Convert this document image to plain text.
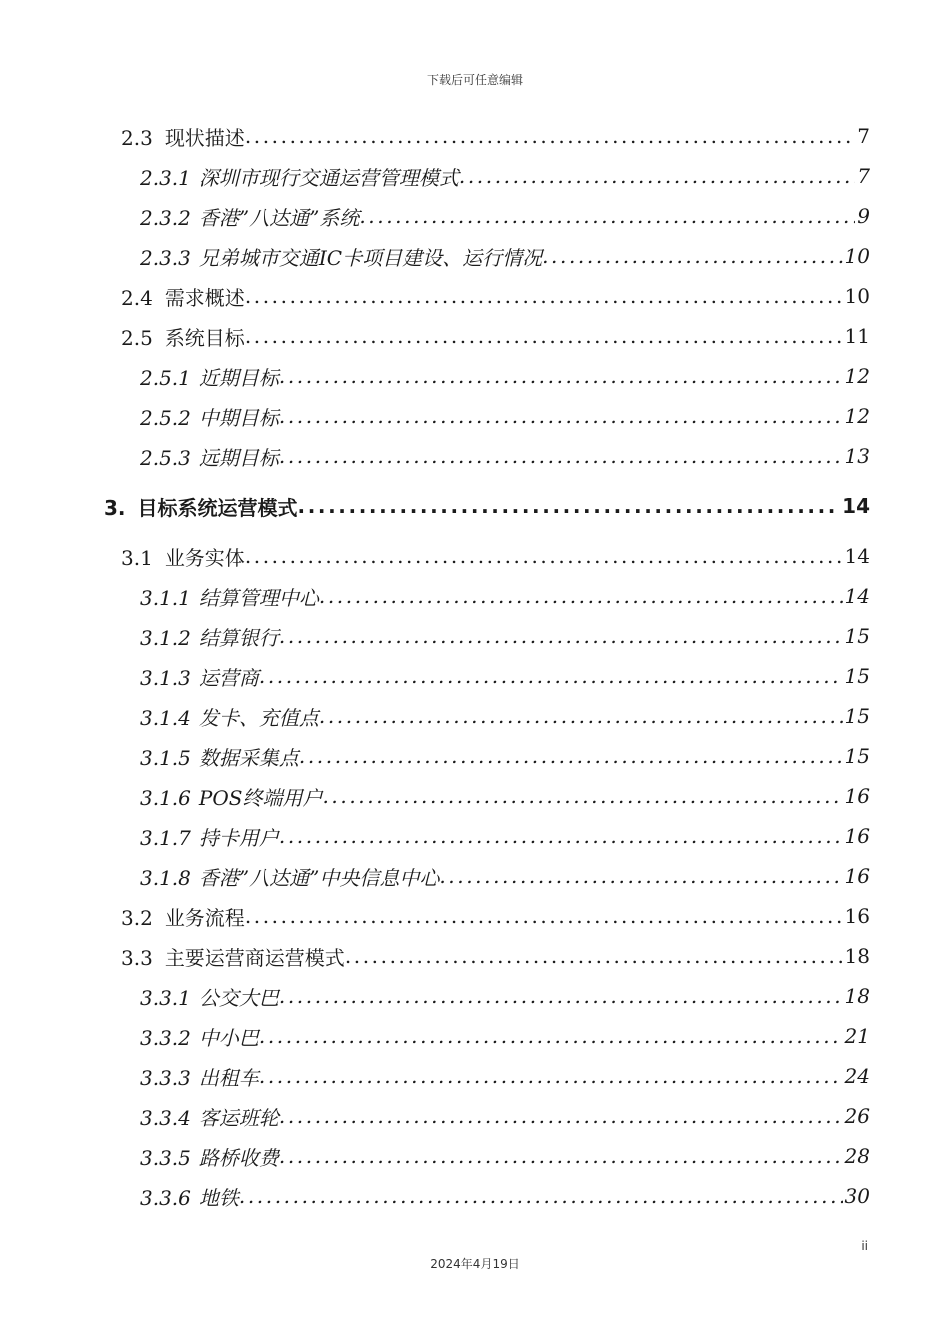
下载后可任意编辑
2.3 现状描述 .....	7
2.3.1 深圳市现行交通运营管理模式 .....	7
2.3.2 香港”八达通”系统 .....	9
2.3.3 兄弟城市交通IC卡项目建设、运行情况 .....	10
2.4 需求概述 .....	10
2.5 系统目标 .....	11
2.5.1 近期目标 .....	12
2.5.2 中期目标 .....	12
2.5.3 远期目标 .....	13
3. 目标系统运营模式 .....	14
3.1 业务实体 .....	14
3.1.1 结算管理中心 .....	14
3.1.2 结算银行 .....	15
3.1.3 运营商 .....	15
3.1.4 发卡、充值点 .....	15
3.1.5 数据采集点 .....	15
3.1.6 POS终端用户 .....	16
3.1.7 持卡用户 .....	16
3.1.8 香港”八达通”中央信息中心 .....	16
3.2 业务流程 .....	16
3.3 主要运营商运营模式 .....	18
3.3.1 公交大巴 .....	18
3.3.2 中小巴 .....	21
3.3.3 出租车 .....	24
3.3.4 客运班轮 .....	26
3.3.5 路桥收费 .....	28
3.3.6 地铁 .....	30
ii
2024年4月19日
